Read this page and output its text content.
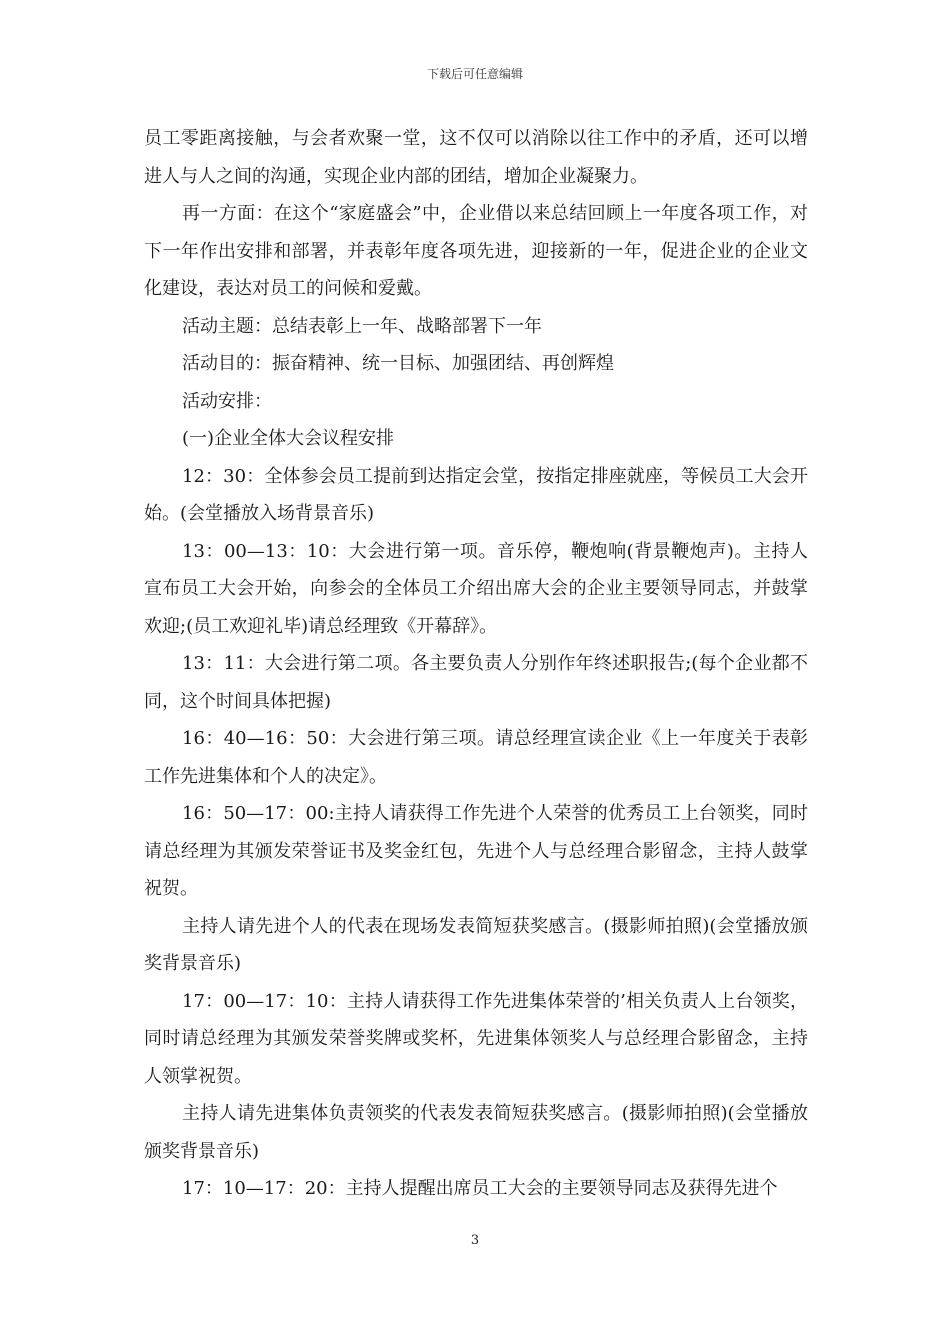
下载后可任意编辑

员工零距离接触，与会者欢聚一堂，这不仅可以消除以往工作中的矛盾，还可以增进人与人之间的沟通，实现企业内部的团结，增加企业凝聚力。

再一方面：在这个“家庭盛会”中，企业借以来总结回顾上一年度各项工作，对下一年作出安排和部署，并表彰年度各项先进，迎接新的一年，促进企业的企业文化建设，表达对员工的问候和爱戴。

活动主题：总结表彰上一年、战略部署下一年

活动目的：振奋精神、统一目标、加强团结、再创辉煌

活动安排：

(一)企业全体大会议程安排

12：30：全体参会员工提前到达指定会堂，按指定排座就座，等候员工大会开始。(会堂播放入场背景音乐)

13：00—13：10：大会进行第一项。音乐停，鞭炮响(背景鞭炮声)。主持人宣布员工大会开始，向参会的全体员工介绍出席大会的企业主要领导同志，并鼓掌欢迎;(员工欢迎礼毕)请总经理致《开幕辞》。

13：11：大会进行第二项。各主要负责人分别作年终述职报告;(每个企业都不同，这个时间具体把握)

16：40—16：50：大会进行第三项。请总经理宣读企业《上一年度关于表彰工作先进集体和个人的决定》。

16：50—17：00:主持人请获得工作先进个人荣誉的优秀员工上台领奖，同时请总经理为其颁发荣誉证书及奖金红包，先进个人与总经理合影留念，主持人鼓掌祝贺。

主持人请先进个人的代表在现场发表简短获奖感言。(摄影师拍照)(会堂播放颁奖背景音乐)

17：00—17：10：主持人请获得工作先进集体荣誉的’相关负责人上台领奖，同时请总经理为其颁发荣誉奖牌或奖杯，先进集体领奖人与总经理合影留念，主持人领掌祝贺。

主持人请先进集体负责领奖的代表发表简短获奖感言。(摄影师拍照)(会堂播放颁奖背景音乐)

17：10—17：20：主持人提醒出席员工大会的主要领导同志及获得先进个

3
